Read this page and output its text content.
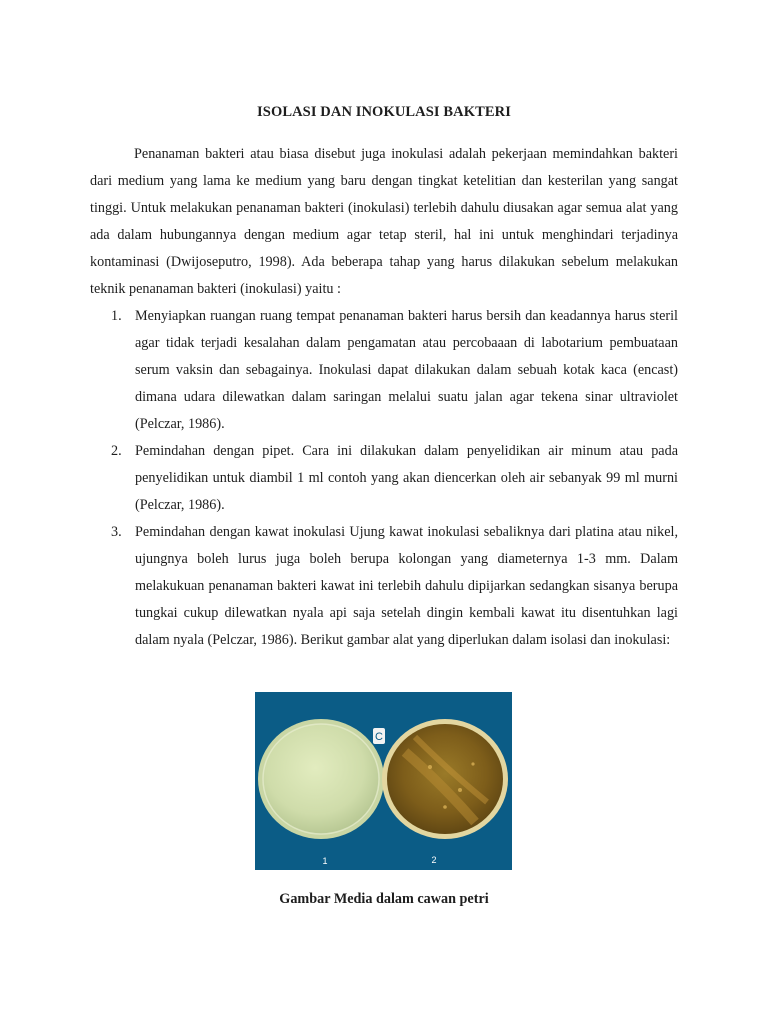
ISOLASI DAN INOKULASI BAKTERI

Penanaman bakteri atau biasa disebut juga inokulasi adalah pekerjaan memindahkan bakteri dari medium yang lama ke medium yang baru dengan tingkat ketelitian dan kesterilan yang sangat tinggi. Untuk melakukan penanaman bakteri (inokulasi) terlebih dahulu diusakan agar semua alat yang ada dalam hubungannya dengan medium agar tetap steril, hal ini untuk menghindari terjadinya kontaminasi (Dwijoseputro, 1998). Ada beberapa tahap yang harus dilakukan sebelum melakukan teknik penanaman bakteri (inokulasi) yaitu :

1. Menyiapkan ruangan ruang tempat penanaman bakteri harus bersih dan keadannya harus steril agar tidak terjadi kesalahan dalam pengamatan atau percobaaan di labotarium pembuataan serum vaksin dan sebagainya. Inokulasi dapat dilakukan dalam sebuah kotak kaca (encast) dimana udara dilewatkan dalam saringan melalui suatu jalan agar tekena sinar ultraviolet (Pelczar, 1986).
2. Pemindahan dengan pipet. Cara ini dilakukan dalam penyelidikan air minum atau pada penyelidikan untuk diambil 1 ml contoh yang akan diencerkan oleh air sebanyak 99 ml murni (Pelczar, 1986).
3. Pemindahan dengan kawat inokulasi Ujung kawat inokulasi sebaliknya dari platina atau nikel, ujungnya boleh lurus juga boleh berupa kolongan yang diameternya 1-3 mm. Dalam melakukuan penanaman bakteri kawat ini terlebih dahulu dipijarkan sedangkan sisanya berupa tungkai cukup dilewatkan nyala api saja setelah dingin kembali kawat itu disentuhkan lagi dalam nyala (Pelczar, 1986). Berikut gambar alat yang diperlukan dalam isolasi dan inokulasi:
C
1	2
Gambar Media dalam cawan petri
